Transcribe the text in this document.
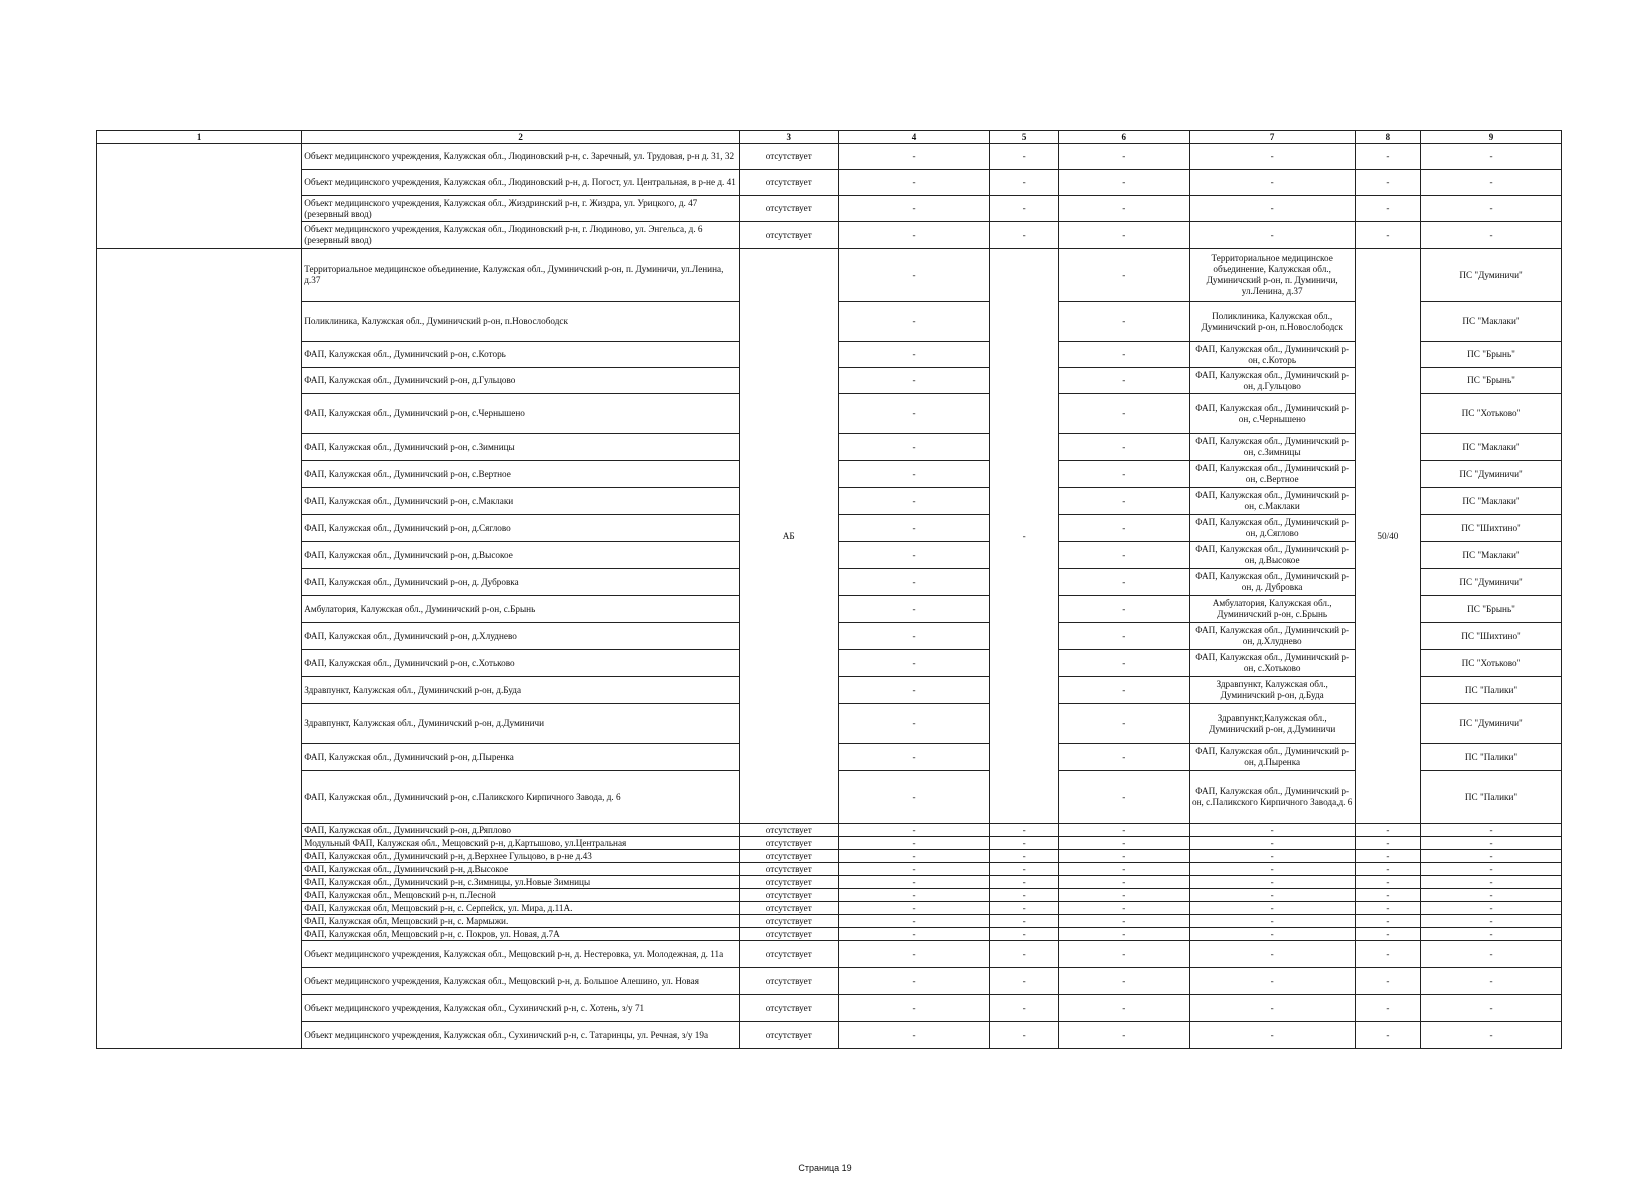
1	2	3	4	5	6	7	8	9
	Объект медицинского учреждения, Калужская обл., Людиновский р-н, с. Заречный, ул. Трудовая, р-н д. 31, 32	отсутствует	-	-	-	-	-	-
	Объект медицинского учреждения, Калужская обл., Людиновский р-н, д. Погост, ул. Центральная, в р-не д. 41	отсутствует	-	-	-	-	-	-
	Объект медицинского учреждения, Калужская обл., Жиздринский р-н, г. Жиздра, ул. Урицкого, д. 47 (резервный ввод)	отсутствует	-	-	-	-	-	-
	Объект медицинского учреждения, Калужская обл., Людиновский р-н, г. Людиново, ул. Энгельса, д. 6 (резервный ввод)	отсутствует	-	-	-	-	-	-
	Территориальное медицинское объединение, Калужская обл., Думиничский р-он, п. Думиничи, ул.Ленина, д.37	АБ	-	-	-	Территориальное медицинское объединение, Калужская обл., Думиничский р-он, п. Думиничи, ул.Ленина, д.37	50/40	ПС "Думиничи"
	Поликлиника, Калужская обл., Думиничский р-он, п.Новослободск		-		-	Поликлиника, Калужская обл., Думиничский р-он, п.Новослободск		ПС "Маклаки"
	ФАП, Калужская обл., Думиничский р-он, с.Которь		-		-	ФАП, Калужская обл., Думиничский р-он, с.Которь		ПС "Брынь"
	ФАП, Калужская обл., Думиничский р-он, д.Гульцово		-		-	ФАП, Калужская обл., Думиничский р-он, д.Гульцово		ПС "Брынь"
	ФАП, Калужская обл., Думиничский р-он, с.Чернышено		-		-	ФАП, Калужская обл., Думиничский р-он, с.Чернышено		ПС "Хотьково"
	ФАП, Калужская обл., Думиничский р-он, с.Зимницы		-		-	ФАП, Калужская обл., Думиничский р-он, с.Зимницы		ПС "Маклаки"
	ФАП, Калужская обл., Думиничский р-он, с.Вертное		-		-	ФАП, Калужская обл., Думиничский р-он, с.Вертное		ПС "Думиничи"
	ФАП, Калужская обл., Думиничский р-он, с.Маклаки		-		-	ФАП, Калужская обл., Думиничский р-он, с.Маклаки		ПС "Маклаки"
	ФАП, Калужская обл., Думиничский р-он, д.Сяглово		-		-	ФАП, Калужская обл., Думиничский р-он, д.Сяглово		ПС "Шихтино"
	ФАП, Калужская обл., Думиничский р-он, д.Высокое		-		-	ФАП, Калужская обл., Думиничский р-он, д.Высокое		ПС "Маклаки"
	ФАП, Калужская обл., Думиничский р-он, д. Дубровка		-		-	ФАП, Калужская обл., Думиничский р-он, д. Дубровка		ПС "Думиничи"
	Амбулатория, Калужская обл., Думиничский р-он, с.Брынь		-		-	Амбулатория, Калужская обл., Думиничский р-он, с.Брынь		ПС "Брынь"
	ФАП, Калужская обл., Думиничский р-он, д.Хлуднево		-		-	ФАП, Калужская обл., Думиничский р-он, д.Хлуднево		ПС "Шихтино"
	ФАП, Калужская обл., Думиничский р-он, с.Хотьково		-		-	ФАП, Калужская обл., Думиничский р-он, с.Хотьково		ПС "Хотьково"
	Здравпункт, Калужская обл., Думиничский р-он, д.Буда		-		-	Здравпункт, Калужская обл., Думиничский р-он, д.Буда		ПС "Палики"
	Здравпункт, Калужская обл., Думиничский р-он, д.Думиничи		-		-	Здравпункт,Калужская обл., Думиничский р-он, д.Думиничи		ПС "Думиничи"
	ФАП, Калужская обл., Думиничский р-он, д.Пыренка		-		-	ФАП, Калужская обл., Думиничский р-он, д.Пыренка		ПС "Палики"
	ФАП, Калужская обл., Думиничский р-он, с.Паликского Кирпичного Завода, д. 6		-		-	ФАП, Калужская обл., Думиничский р-он, с.Паликского Кирпичного Завода,д. 6		ПС "Палики"
	ФАП, Калужская обл., Думиничский р-он, д.Ряплово	отсутствует	-	-	-	-	-	-
	Модульный ФАП, Калужская обл., Мещовский р-н, д.Картышово, ул.Центральная	отсутствует	-	-	-	-	-	-
	ФАП, Калужская обл., Думиничский р-н, д.Верхнее Гульцово, в р-не д.43	отсутствует	-	-	-	-	-	-
	ФАП, Калужская обл., Думиничский р-н, д.Высокое	отсутствует	-	-	-	-	-	-
	ФАП, Калужская обл., Думиничский р-н, с.Зимницы, ул.Новые Зимницы	отсутствует	-	-	-	-	-	-
	ФАП, Калужская обл., Мещовский р-н, п.Лесной	отсутствует	-	-	-	-	-	-
	ФАП, Калужская обл, Мещовский р-н, с. Серпейск, ул. Мира, д.11А.	отсутствует	-	-	-	-	-	-
	ФАП, Калужская обл, Мещовский р-н, с. Мармыжи.	отсутствует	-	-	-	-	-	-
	ФАП, Калужская обл, Мещовский р-н, с. Покров, ул. Новая, д.7А	отсутствует	-	-	-	-	-	-
	Объект медицинского учреждения, Калужская обл., Мещовский р-н, д. Нестеровка, ул. Молодежная, д. 11а	отсутствует	-	-	-	-	-	-
	Объект медицинского учреждения, Калужская обл., Мещовский р-н, д. Большое Алешино, ул. Новая	отсутствует	-	-	-	-	-	-
	Объект медицинского учреждения, Калужская обл., Сухиничский р-н, с. Хотень, з/у 71	отсутствует	-	-	-	-	-	-
	Объект медицинского учреждения, Калужская обл., Сухиничский р-н, с. Татаринцы, ул. Речная, з/у 19а	отсутствует	-	-	-	-	-	-
Страница 19
